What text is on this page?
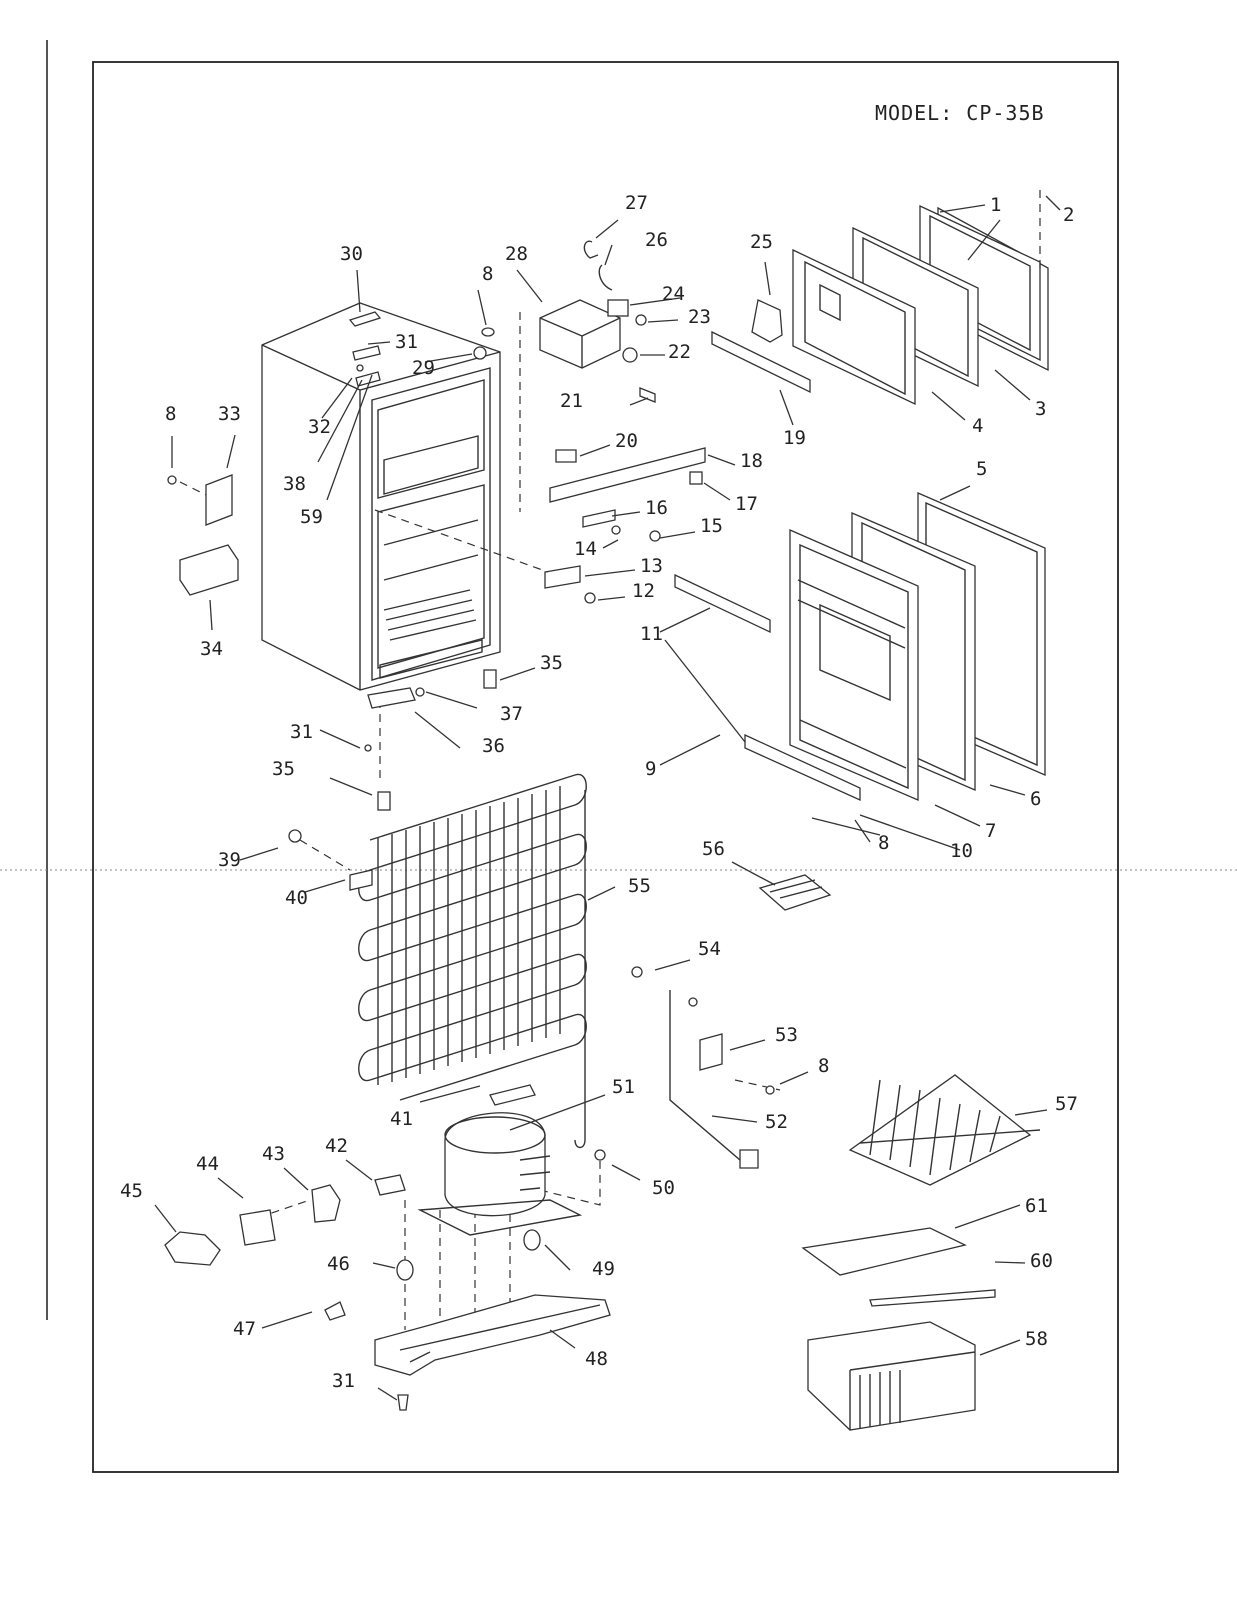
MODEL: CP-35B
1	2
3
4
5
6
7
8
8
8
8
9
10
11
12
13
14
15
16	17
18
19
20
21
22
23
24
25
26
27
28
29
30
31
31
31
32
33
34
35
35
36
37
38
39
40
41
42
43
44
45
46
47
48
49
50
51
52
53
54
55
56
57
58
59
60
61
